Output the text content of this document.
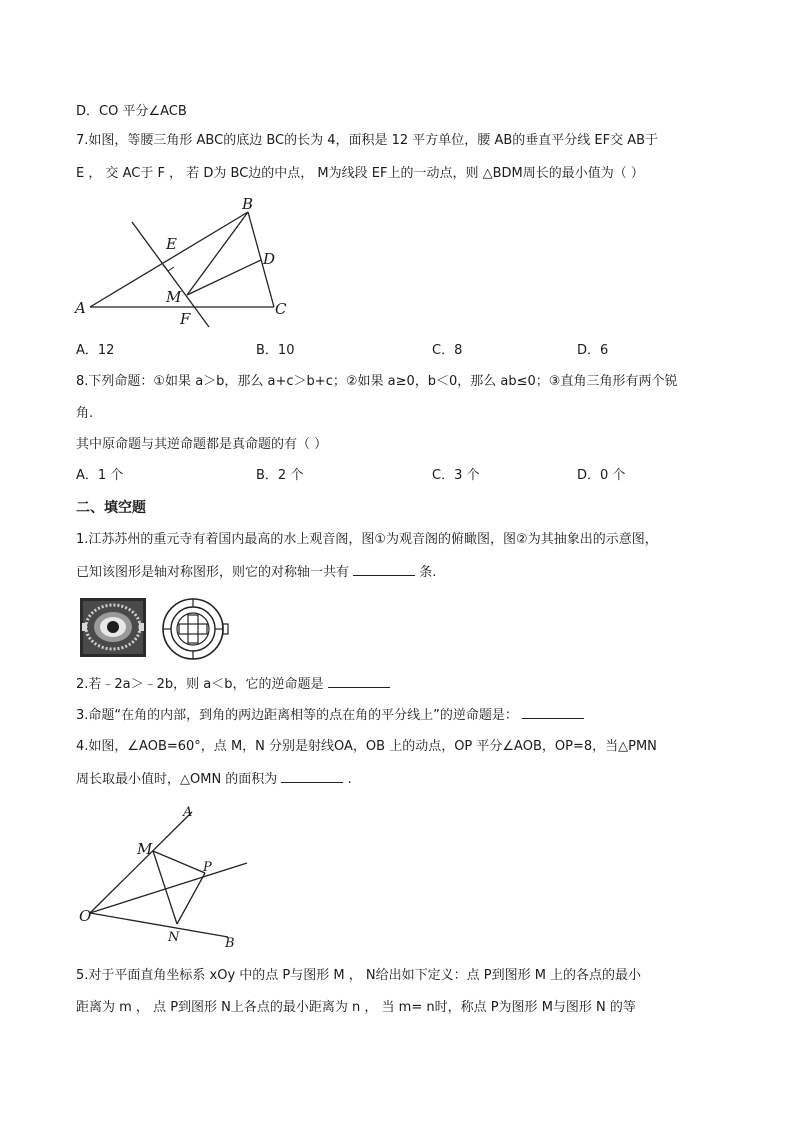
D．CO 平分∠ACB
7.如图，等腰三角形 ABC的底边 BC的长为 4，面积是 12 平方单位，腰 AB的垂直平分线 EF交 AB于
E ， 交 AC于 F ， 若 D为 BC边的中点， M为线段 EF上的一动点，则 △BDM周长的最小值为（ ）
A
B
C
D
E
M
F
A．12	B．10	C．8	D．6
8.下列命题：①如果 a＞b，那么 a+c＞b+c；②如果 a≥0，b＜0，那么 ab≤0；③直角三角形有两个锐
角.
其中原命题与其逆命题都是真命题的有（ ）
A．1 个	B．2 个	C．3 个	D．0 个
二、填空题
1.江苏苏州的重元寺有着国内最高的水上观音阁，图①为观音阁的俯瞰图，图②为其抽象出的示意图，
已知该图形是轴对称图形，则它的对称轴一共有	条.
2.若﹣2a＞﹣2b，则 a＜b，它的逆命题是
3.命题“在角的内部，到角的两边距离相等的点在角的平分线上”的逆命题是：
4.如图，∠AOB=60°，点 M，N 分别是射线OA，OB 上的动点，OP 平分∠AOB，OP=8，当△PMN
周长取最小值时，△OMN 的面积为	.
A
B
O
M
N
P
5.对于平面直角坐标系 xOy 中的点 P与图形 M ， N给出如下定义：点 P到图形 M 上的各点的最小
距离为 m ， 点 P到图形 N上各点的最小距离为 n ， 当 m= n时，称点 P为图形 M与图形 N 的等
